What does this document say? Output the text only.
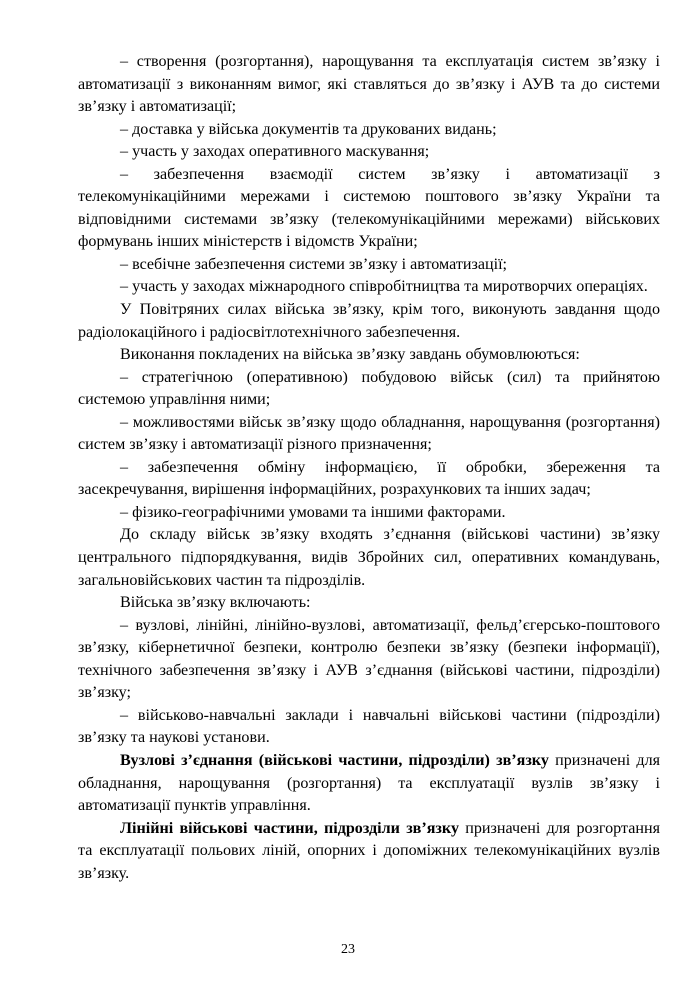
– створення (розгортання), нарощування та експлуатація систем зв’язку і автоматизації з виконанням вимог, які ставляться до зв’язку і АУВ та до системи зв’язку і автоматизації;

– доставка у війська документів та друкованих видань;

– участь у заходах оперативного маскування;

– забезпечення взаємодії систем зв’язку і автоматизації з телекомунікаційними мережами і системою поштового зв’язку України та відповідними системами зв’язку (телекомунікаційними мережами) військових формувань інших міністерств і відомств України;

– всебічне забезпечення системи зв’язку і автоматизації;

– участь у заходах міжнародного співробітництва та миротворчих операціях.

У Повітряних силах війська зв’язку, крім того, виконують завдання щодо радіолокаційного і радіосвітлотехнічного забезпечення.

Виконання покладених на війська зв’язку завдань обумовлюються:

– стратегічною (оперативною) побудовою військ (сил) та прийнятою системою управління ними;

– можливостями військ зв’язку щодо обладнання, нарощування (розгортання) систем зв’язку і автоматизації різного призначення;

– забезпечення обміну інформацією, її обробки, збереження та засекречування, вирішення інформаційних, розрахункових та інших задач;

– фізико-географічними умовами та іншими факторами.

До складу військ зв’язку входять з’єднання (військові частини) зв’язку центрального підпорядкування, видів Збройних сил, оперативних командувань, загальновійськових частин та підрозділів.

Війська зв’язку включають:

– вузлові, лінійні, лінійно-вузлові, автоматизації, фельд’єгерсько-поштового зв’язку, кібернетичної безпеки, контролю безпеки зв’язку (безпеки інформації), технічного забезпечення зв’язку і АУВ з’єднання (військові частини, підрозділи) зв’язку;

– військово-навчальні заклади і навчальні військові частини (підрозділи) зв’язку та наукові установи.

Вузлові з’єднання (військові частини, підрозділи) зв’язку призначені для обладнання, нарощування (розгортання) та експлуатації вузлів зв’язку і автоматизації пунктів управління.

Лінійні військові частини, підрозділи зв’язку призначені для розгортання та експлуатації польових ліній, опорних і допоміжних телекомунікаційних вузлів зв’язку.

23
